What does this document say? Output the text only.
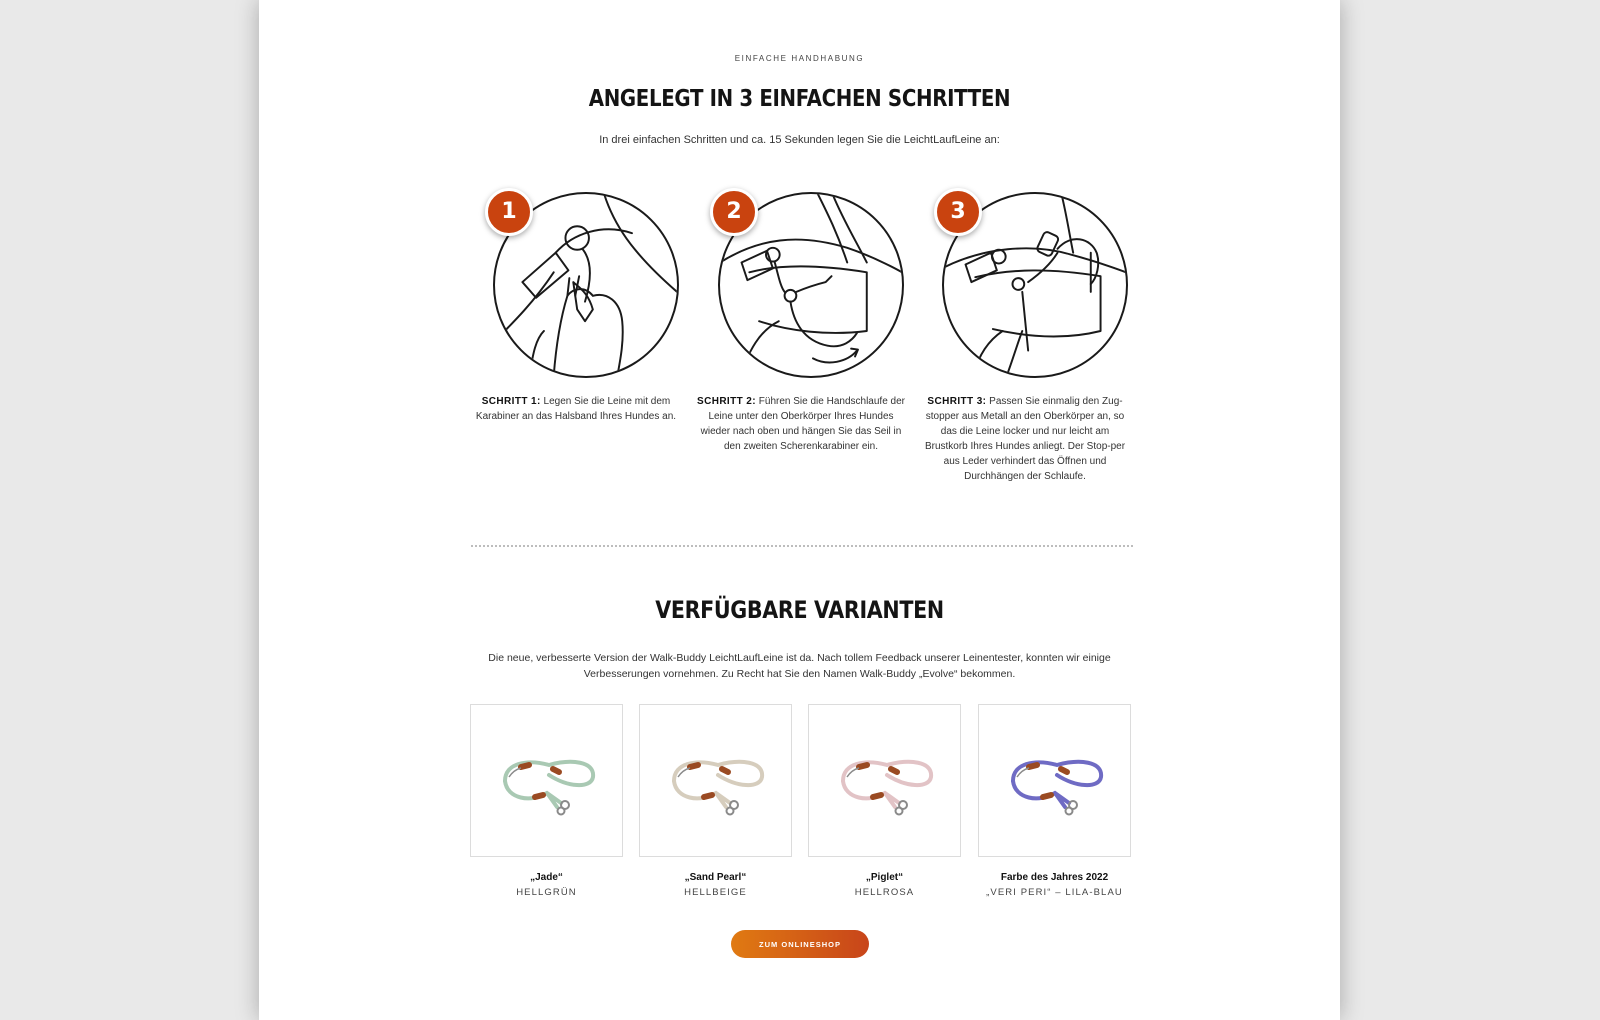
EINFACHE HANDHABUNG
ANGELEGT IN 3 EINFACHEN SCHRITTEN
In drei einfachen Schritten und ca. 15 Sekunden legen Sie die LeichtLaufLeine an:
1
SCHRITT 1: Legen Sie die Leine mit dem Karabiner an das Halsband Ihres Hundes an.
2
SCHRITT 2: Führen Sie die Handschlaufe der Leine unter den Oberkörper Ihres Hundes wieder nach oben und hängen Sie das Seil in den zweiten Scherenkarabiner ein.
3
SCHRITT 3: Passen Sie einmalig den Zug-stopper aus Metall an den Oberkörper an, so das die Leine locker und nur leicht am Brustkorb Ihres Hundes anliegt. Der Stop-per aus Leder verhindert das Öffnen und Durchhängen der Schlaufe.
VERFÜGBARE VARIANTEN
Die neue, verbesserte Version der Walk-Buddy LeichtLaufLeine ist da. Nach tollem Feedback unserer Leinentester, konnten wir einige
Verbesserungen vornehmen. Zu Recht hat Sie den Namen Walk-Buddy „Evolve“ bekommen.
„Jade“
HELLGRÜN
„Sand Pearl“
HELLBEIGE
„Piglet“
HELLROSA
Farbe des Jahres 2022
„VERI PERI“ – LILA-BLAU
ZUM ONLINESHOP
